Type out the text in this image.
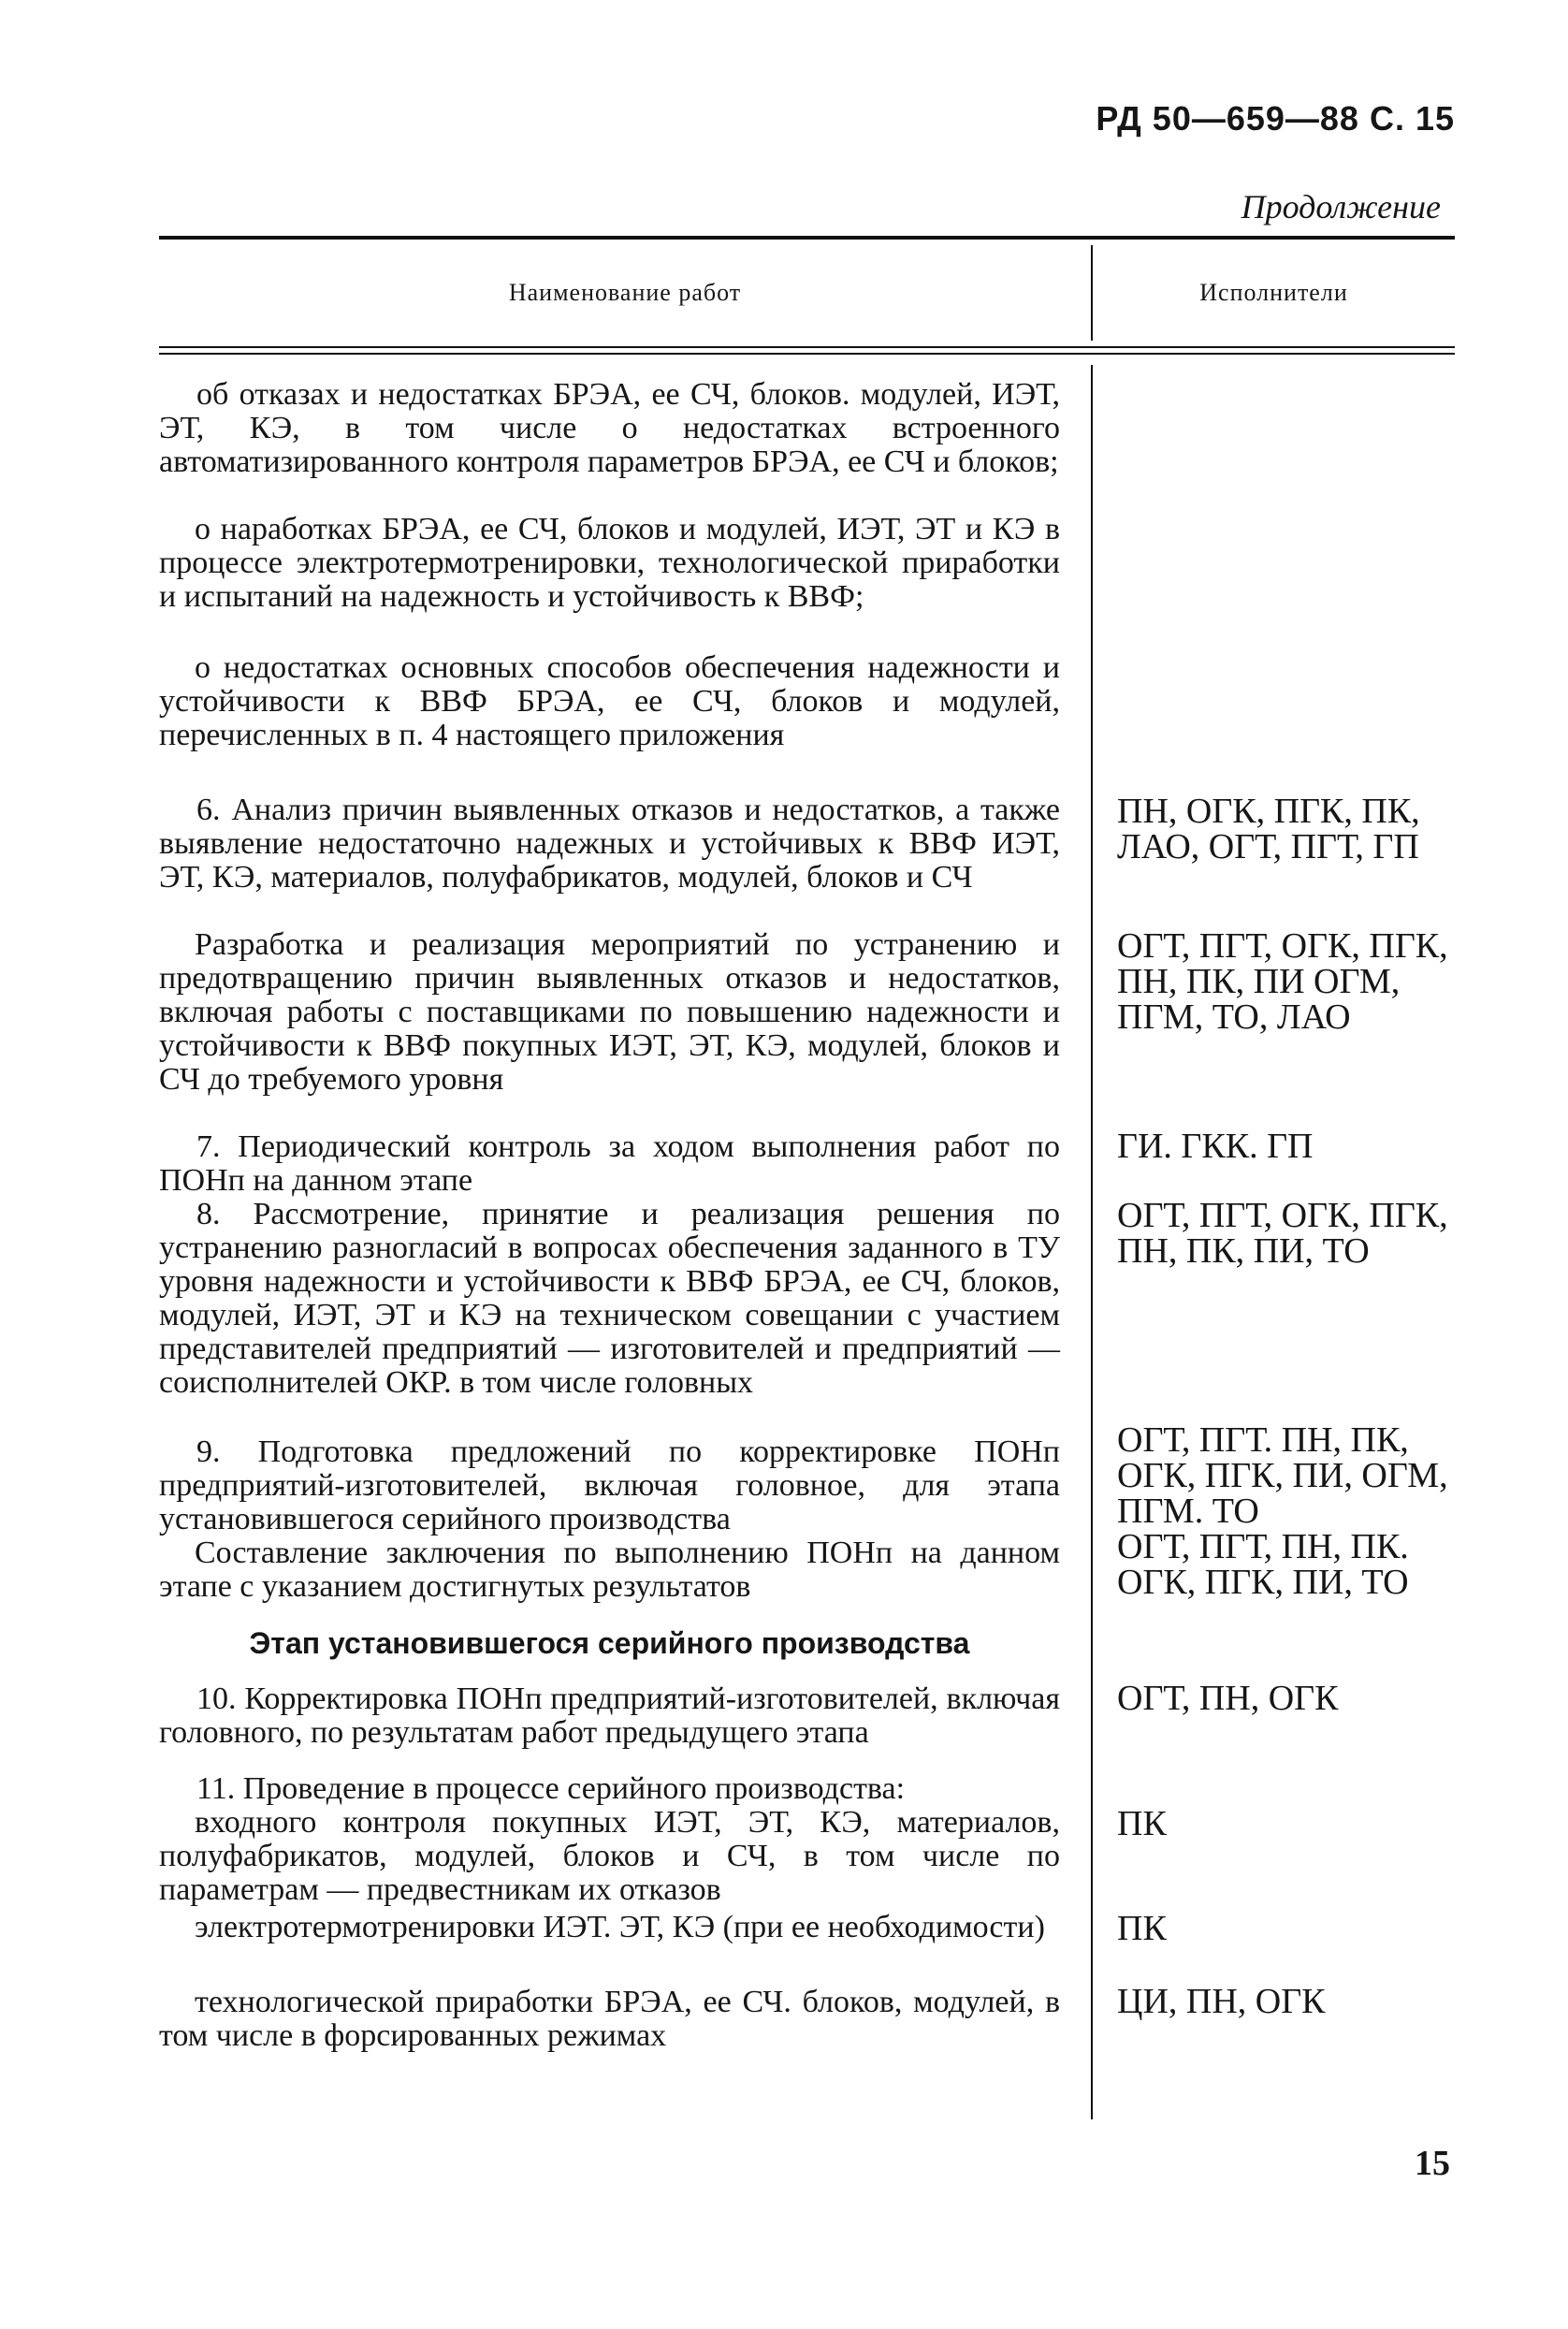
РД 50—659—88 С. 15
Продолжение
Наименование работ	Исполнители
об отказах и недостатках БРЭА, ее СЧ, блоков. модулей, ИЭТ, ЭТ, КЭ, в том числе о недостатках встроенного автоматизированного контроля параметров БРЭА, ее СЧ и блоков;
о наработках БРЭА, ее СЧ, блоков и модулей, ИЭТ, ЭТ и КЭ в процессе электротермотренировки, технологической приработки и испытаний на надежность и устойчивость к ВВФ;
о недостатках основных способов обеспечения надежности и устойчивости к ВВФ БРЭА, ее СЧ, блоков и модулей, перечисленных в п. 4 настоящего приложения
6. Анализ причин выявленных отказов и недостатков, а также выявление недостаточно надежных и устойчивых к ВВФ ИЭТ, ЭТ, КЭ, материалов, полуфабрикатов, модулей, блоков и СЧ
ПН, ОГК, ПГК, ПК, ЛАО, ОГТ, ПГТ, ГП
Разработка и реализация мероприятий по устранению и предотвращению причин выявленных отказов и недостатков, включая работы с поставщиками по повышению надежности и устойчивости к ВВФ покупных ИЭТ, ЭТ, КЭ, модулей, блоков и СЧ до требуемого уровня
ОГТ, ПГТ, ОГК, ПГК, ПН, ПК, ПИ ОГМ, ПГМ, ТО, ЛАО
7. Периодический контроль за ходом выполнения работ по ПОНп на данном этапе
ГИ. ГКК. ГП
8. Рассмотрение, принятие и реализация решения по устранению разногласий в вопросах обеспечения заданного в ТУ уровня надежности и устойчивости к ВВФ БРЭА, ее СЧ, блоков, модулей, ИЭТ, ЭТ и КЭ на техническом совещании с участием представителей предприятий — изготовителей и предприятий — соисполнителей ОКР. в том числе головных
ОГТ, ПГТ, ОГК, ПГК, ПН, ПК, ПИ, ТО
9. Подготовка предложений по корректировке ПОНп предприятий-изготовителей, включая головное, для этапа установившегося серийного производства
ОГТ, ПГТ. ПН, ПК, ОГК, ПГК, ПИ, ОГМ, ПГМ. ТО
Составление заключения по выполнению ПОНп на данном этапе с указанием достигнутых результатов
ОГТ, ПГТ, ПН, ПК. ОГК, ПГК, ПИ, ТО
Этап установившегося серийного производства
10. Корректировка ПОНп предприятий-изготовителей, включая головного, по результатам работ предыдущего этапа
ОГТ, ПН, ОГК
11. Проведение в процессе серийного производства:
входного контроля покупных ИЭТ, ЭТ, КЭ, материалов, полуфабрикатов, модулей, блоков и СЧ, в том числе по параметрам — предвестникам их отказов
ПК
электротермотренировки ИЭТ. ЭТ, КЭ (при ее необходимости)	ПК
технологической приработки БРЭА, ее СЧ. блоков, модулей, в том числе в форсированных режимах
ЦИ, ПН, ОГК
15
